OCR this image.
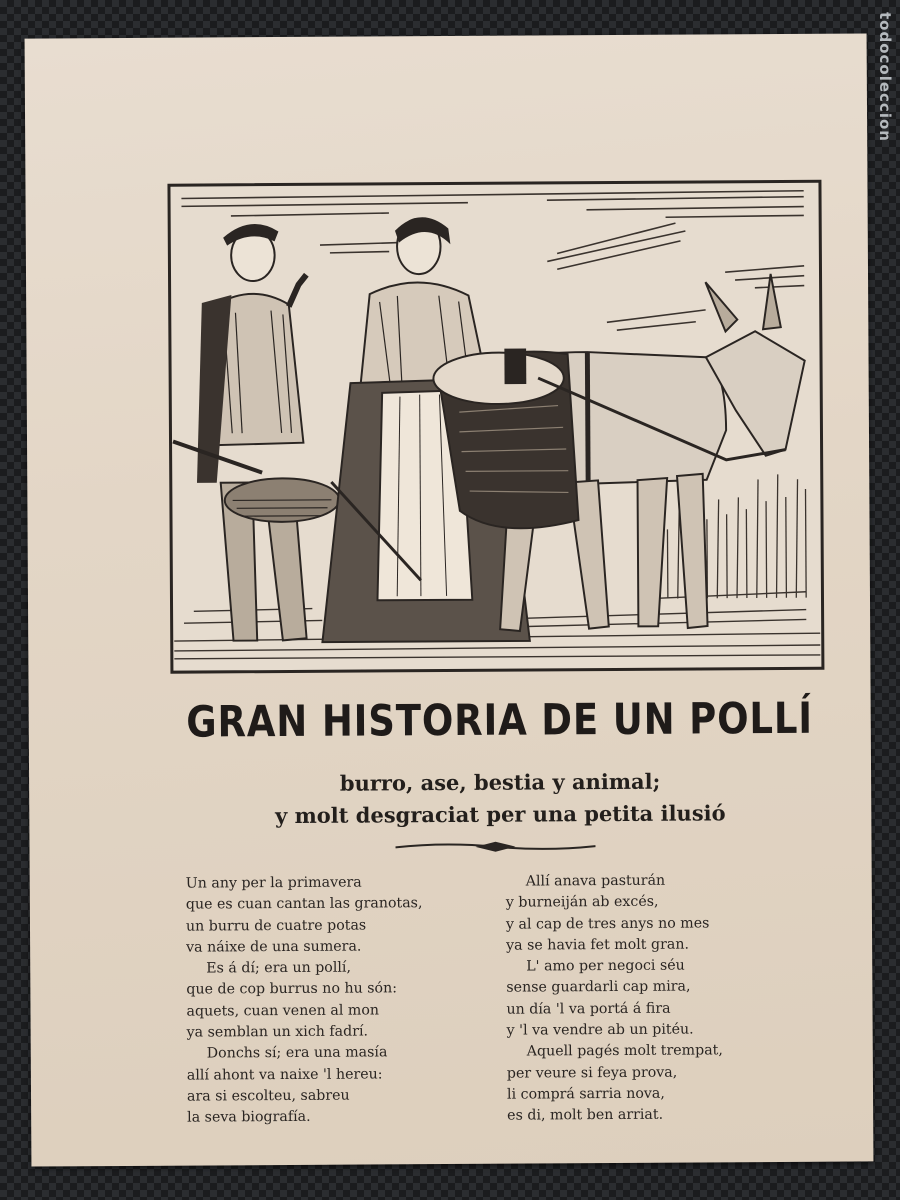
GRAN HISTORIA DE UN POLLÍ
burro, ase, bestia y animal;
y molt desgraciat per una petita ilusió
Un any per la primavera
que es cuan cantan las granotas,
un burru de cuatre potas
va náixe de una sumera.
Es á dí; era un pollí,
que de cop burrus no hu són:
aquets, cuan venen al mon
ya semblan un xich fadrí.
Donchs sí; era una masía
allí ahont va naixe 'l hereu:
ara si escolteu, sabreu
la seva biografía.
Allí anava pasturán
y burneiján ab excés,
y al cap de tres anys no mes
ya se havia fet molt gran.
L' amo per negoci séu
sense guardarli cap mira,
un día 'l va portá á fira
y 'l va vendre ab un pitéu.
Aquell pagés molt trempat,
per veure si feya prova,
li comprá sarria nova,
es di, molt ben arriat.
todocoleccion
